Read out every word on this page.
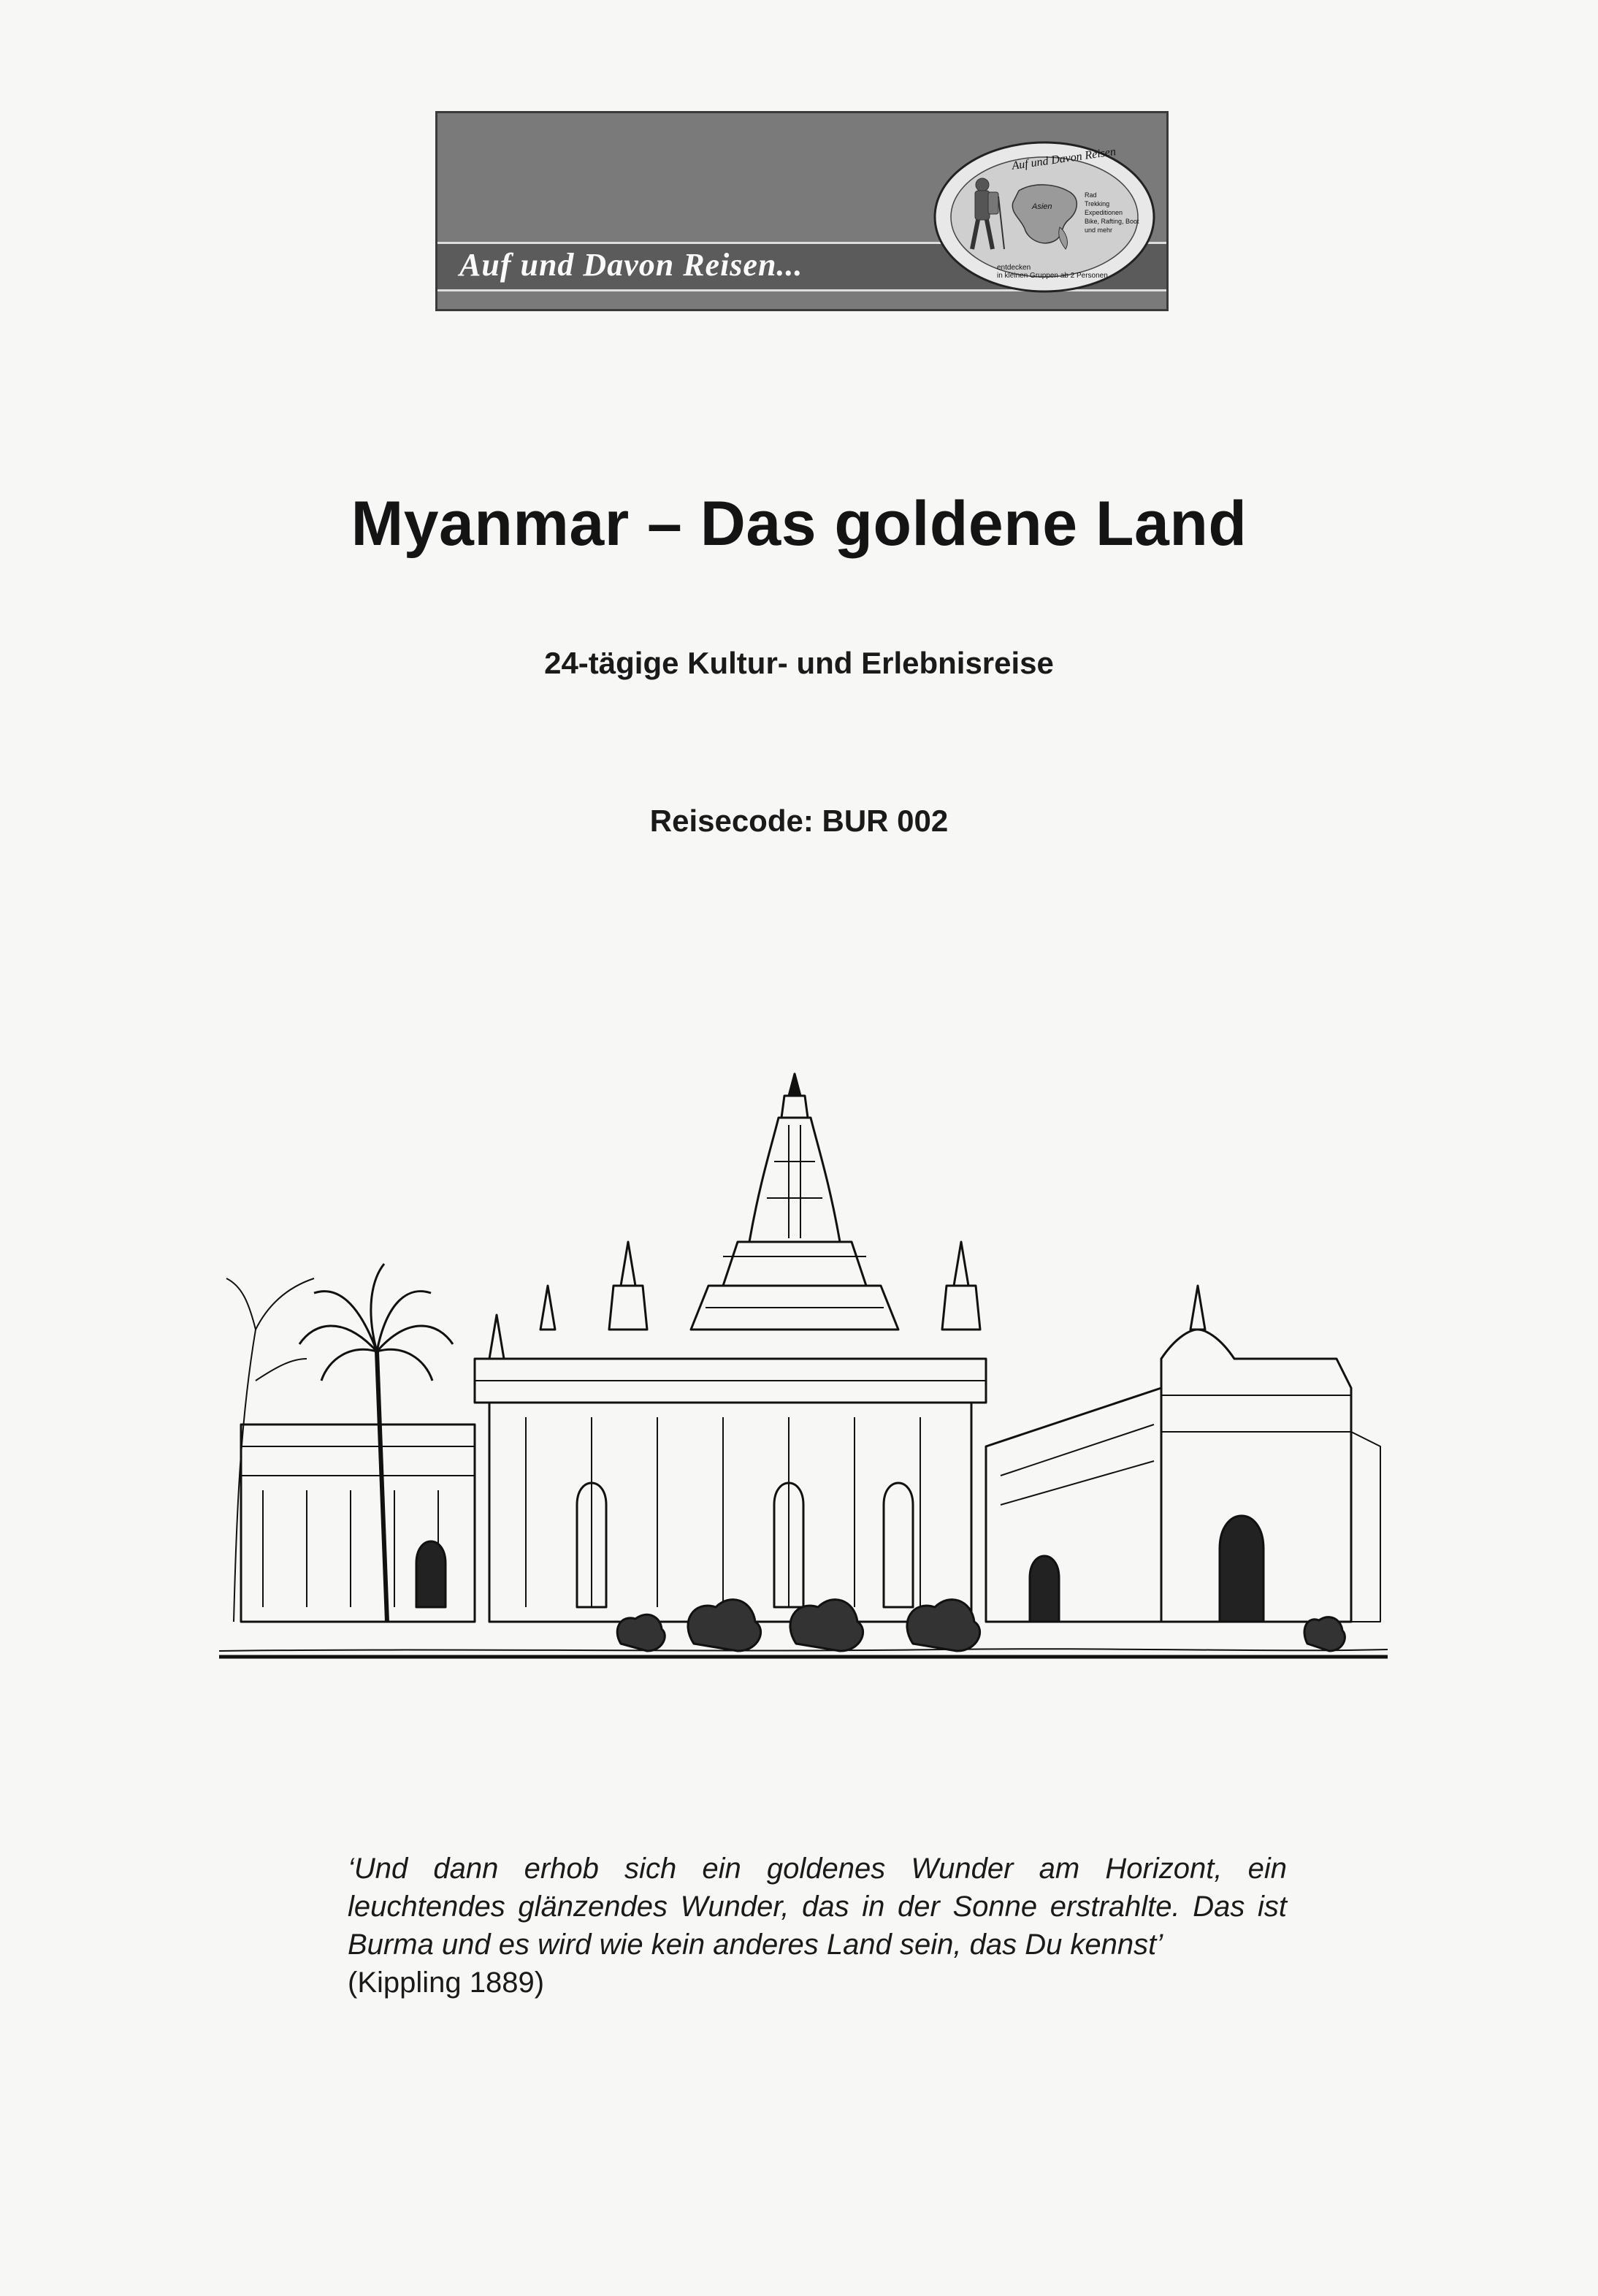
Auf und Davon Reisen...
Auf und Davon Reisen
Rad
Trekking
Expeditionen
Bike, Rafting, Boot
und mehr
entdecken
in kleinen Gruppen ab 2 Personen
Asien
Myanmar – Das goldene Land
24-tägige Kultur- und Erlebnisreise
Reisecode: BUR 002
‘Und dann erhob sich ein goldenes Wunder am Horizont, ein leuchtendes glänzendes Wunder, das in der Sonne erstrahlte. Das ist Burma und es wird wie kein anderes Land sein, das Du kennst’
(Kippling 1889)
